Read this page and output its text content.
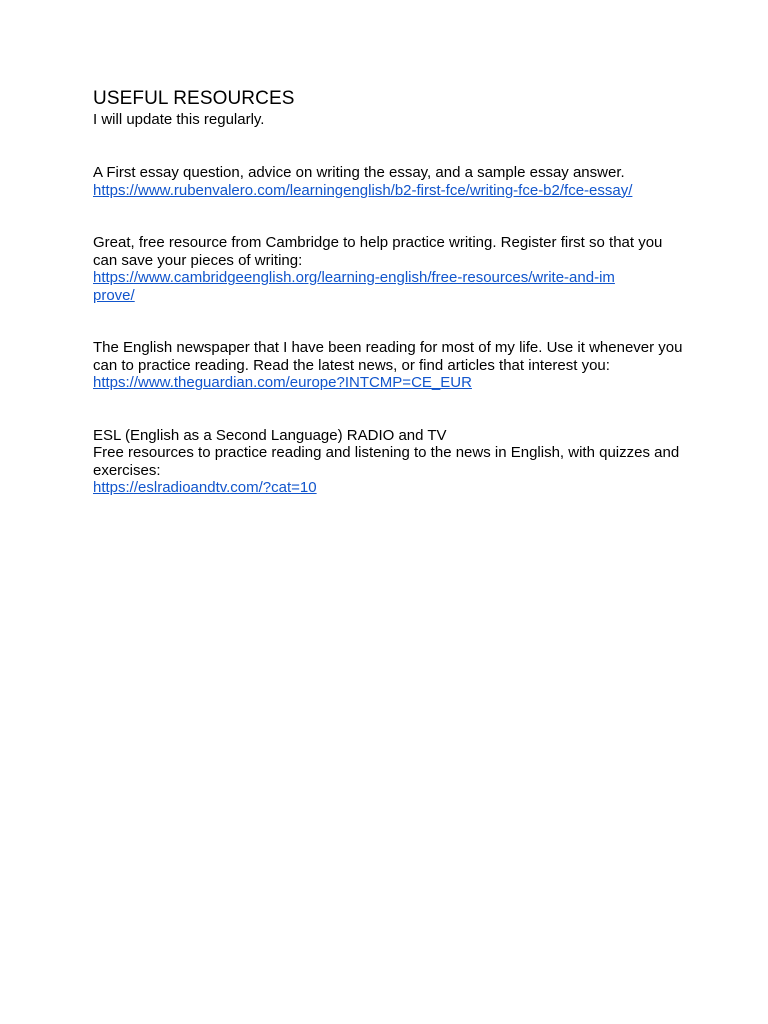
USEFUL RESOURCES

I will update this regularly.

A First essay question, advice on writing the essay, and a sample essay answer.

https://www.rubenvalero.com/learningenglish/b2-first-fce/writing-fce-b2/fce-essay/

Great, free resource from Cambridge to help practice writing. Register first so that you can save your pieces of writing:

https://www.cambridgeenglish.org/learning-english/free-resources/write-and-improve/

The English newspaper that I have been reading for most of my life. Use it whenever you can to practice reading. Read the latest news, or find articles that interest you:

https://www.theguardian.com/europe?INTCMP=CE_EUR

ESL (English as a Second Language) RADIO and TV

Free resources to practice reading and listening to the news in English, with quizzes and exercises:

https://eslradioandtv.com/?cat=10
